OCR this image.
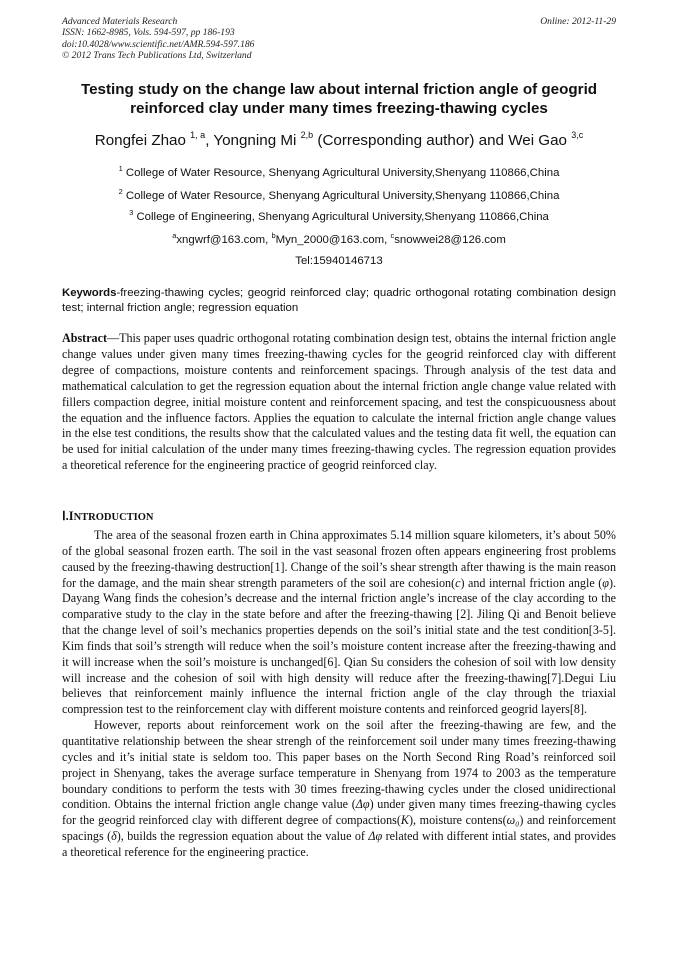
Advanced Materials Research
ISSN: 1662-8985, Vols. 594-597, pp 186-193
doi:10.4028/www.scientific.net/AMR.594-597.186
© 2012 Trans Tech Publications Ltd, Switzerland
Online: 2012-11-29
Testing study on the change law about internal friction angle of geogrid reinforced clay under many times freezing-thawing cycles
Rongfei Zhao $^{1, a}$, Yongning Mi $^{2,b}$ (Corresponding author) and Wei Gao $^{3,c}$
$^1$ College of Water Resource, Shenyang Agricultural University,Shenyang 110866,China
$^2$ College of Water Resource, Shenyang Agricultural University,Shenyang 110866,China
$^3$ College of Engineering, Shenyang Agricultural University,Shenyang 110866,China
$^a$xngwrf@163.com, $^b$Myn_2000@163.com, $^c$snowwei28@126.com
Tel:15940146713
Keywords-freezing-thawing cycles; geogrid reinforced clay; quadric orthogonal rotating combination design test; internal friction angle; regression equation
Abstract—This paper uses quadric orthogonal rotating combination design test, obtains the internal friction angle change values under given many times freezing-thawing cycles for the geogrid reinforced clay with different degree of compactions, moisture contents and reinforcement spacings. Through analysis of the test data and mathematical calculation to get the regression equation about the internal friction angle change value related with fillers compaction degree, initial moisture content and reinforcement spacing, and test the conspicuousness about the equation and the influence factors. Applies the equation to calculate the internal friction angle change values in the else test conditions, the results show that the calculated values and the testing data fit well, the equation can be used for initial calculation of the under many times freezing-thawing cycles. The regression equation provides a theoretical reference for the engineering practice of geogrid reinforced clay.
Ⅰ.INTRODUCTION

The area of the seasonal frozen earth in China approximates 5.14 million square kilometers, it’s about 50% of the global seasonal frozen earth. The soil in the vast seasonal frozen often appears engineering frost problems caused by the freezing-thawing destruction[1]. Change of the soil’s shear strength after thawing is the main reason for the damage, and the main shear strength parameters of the soil are cohesion(c) and internal friction angle (φ). Dayang Wang finds the cohesion’s decrease and the internal friction angle’s increase of the clay according to the comparative study to the clay in the state before and after the freezing-thawing [2]. Jiling Qi and Benoit believe that the change level of soil’s mechanics properties depends on the soil’s initial state and the test condition[3-5]. Kim finds that soil’s strength will reduce when the soil’s moisture content increase after the freezing-thawing and it will increase when the soil’s moisture is unchanged[6]. Qian Su considers the cohesion of soil with low density will increase and the cohesion of soil with high density will reduce after the freezing-thawing[7].Degui Liu believes that reinforcement mainly influence the internal friction angle of the clay through the triaxial compression test to the reinforcement clay with different moisture contents and reinforced geogrid layers[8].

However, reports about reinforcement work on the soil after the freezing-thawing are few, and the quantitative relationship between the shear strengh of the reinforcement soil under many times freezing-thawing cycles and it’s initial state is seldom too. This paper bases on the North Second Ring Road’s reinforced soil project in Shenyang, takes the average surface temperature in Shenyang from 1974 to 2003 as the temperature boundary conditions to perform the tests with 30 times freezing-thawing cycles under the closed unidirectional condition. Obtains the internal friction angle change value (Δφ) under given many times freezing-thawing cycles for the geogrid reinforced clay with different degree of compactions(K), moisture contens(ω₀) and reinforcement spacings (δ), builds the regression equation about the value of Δφ related with different intial states, and provides a theoretical reference for the engineering practice.
